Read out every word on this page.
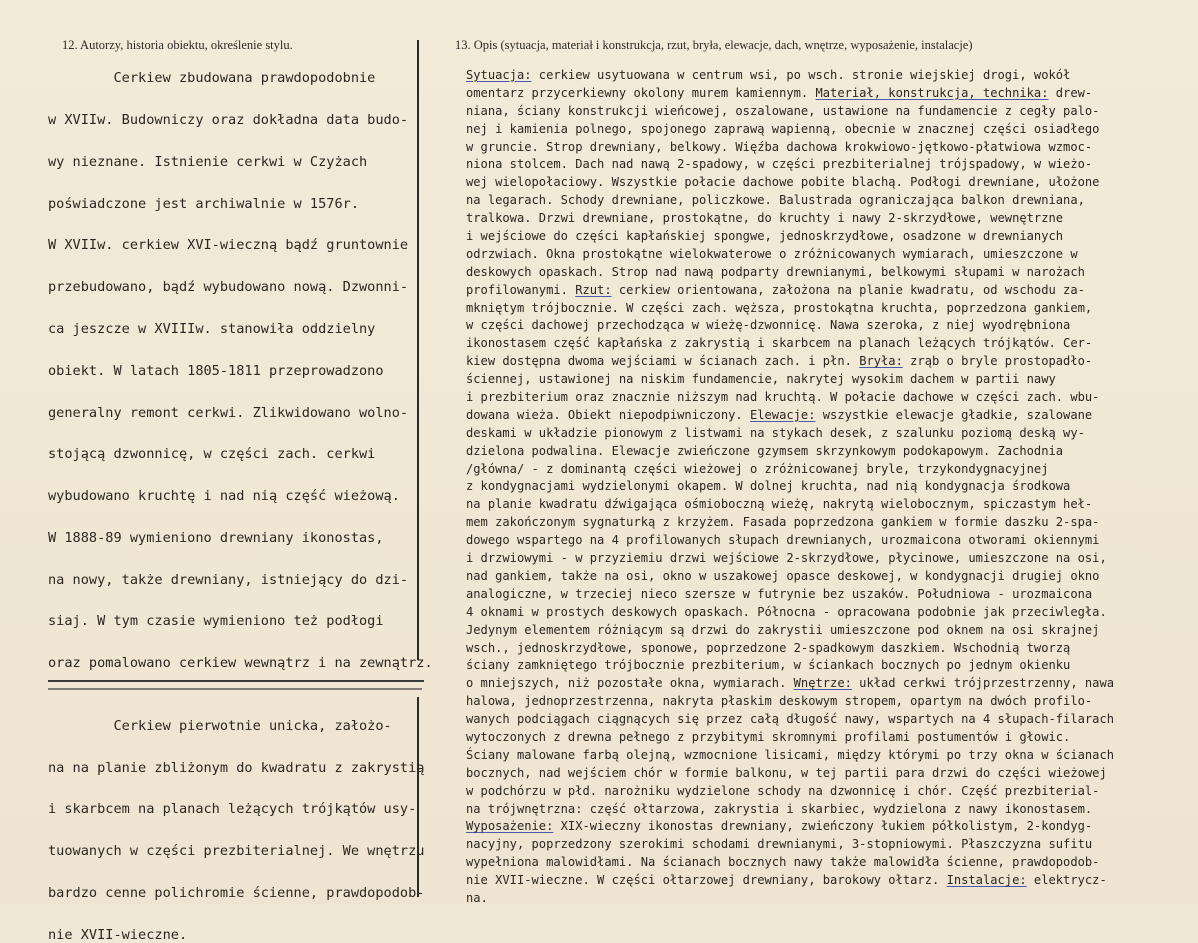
12. Autorzy, historia obiektu, określenie stylu.	13. Opis (sytuacja, materiał i konstrukcja, rzut, bryła, elewacje, dach, wnętrze, wyposażenie, instalacje)
Cerkiew zbudowana prawdopodobnie
w XVIIw. Budowniczy oraz dokładna data budo-
wy nieznane. Istnienie cerkwi w Czyżach
poświadczone jest archiwalnie w 1576r.
W XVIIw. cerkiew XVI-wieczną bądź gruntownie
przebudowano, bądź wybudowano nową. Dzwonni-
ca jeszcze w XVIIIw. stanowiła oddzielny
obiekt. W latach 1805-1811 przeprowadzono
generalny remont cerkwi. Zlikwidowano wolno-
stojącą dzwonnicę, w części zach. cerkwi
wybudowano kruchtę i nad nią część wieżową.
W 1888-89 wymieniono drewniany ikonostas,
na nowy, także drewniany, istniejący do dzi-
siaj. W tym czasie wymieniono też podłogi
oraz pomalowano cerkiew wewnątrz i na zewnątrz.
Cerkiew pierwotnie unicka, założo-
na na planie zbliżonym do kwadratu z zakrystią
i skarbcem na planach leżących trójkątów usy-
tuowanych w części prezbiterialnej. We wnętrzu
bardzo cenne polichromie ścienne, prawdopodob-
nie XVII-wieczne.
Sytuacja: cerkiew usytuowana w centrum wsi, po wsch. stronie wiejskiej drogi, wokół
omentarz przycerkiewny okolony murem kamiennym. Materiał, konstrukcja, technika: drew-
niana, ściany konstrukcji wieńcowej, oszalowane, ustawione na fundamencie z cegły palo-
nej i kamienia polnego, spojonego zaprawą wapienną, obecnie w znacznej części osiadłego
w gruncie. Strop drewniany, belkowy. Więźba dachowa krokwiowo-jętkowo-płatwiowa wzmoc-
niona stolcem. Dach nad nawą 2-spadowy, w części prezbiterialnej trójspadowy, w wieżo-
wej wielopołaciowy. Wszystkie połacie dachowe pobite blachą. Podłogi drewniane, ułożone
na legarach. Schody drewniane, policzkowe. Balustrada ograniczająca balkon drewniana,
tralkowa. Drzwi drewniane, prostokątne, do kruchty i nawy 2-skrzydłowe, wewnętrzne
i wejściowe do części kapłańskiej spongwe, jednoskrzydłowe, osadzone w drewnianych
odrzwiach. Okna prostokątne wielokwaterowe o zróżnicowanych wymiarach, umieszczone w
deskowych opaskach. Strop nad nawą podparty drewnianymi, belkowymi słupami w narożach
profilowanymi. Rzut: cerkiew orientowana, założona na planie kwadratu, od wschodu za-
mkniętym trójbocznie. W części zach. węższa, prostokątna kruchta, poprzedzona gankiem,
w części dachowej przechodząca w wieżę-dzwonnicę. Nawa szeroka, z niej wyodrębniona
ikonostasem część kapłańska z zakrystią i skarbcem na planach leżących trójkątów. Cer-
kiew dostępna dwoma wejściami w ścianach zach. i płn. Bryła: zrąb o bryle prostopadło-
ściennej, ustawionej na niskim fundamencie, nakrytej wysokim dachem w partii nawy
i prezbiterium oraz znacznie niższym nad kruchtą. W połacie dachowe w części zach. wbu-
dowana wieża. Obiekt niepodpiwniczony. Elewacje: wszystkie elewacje gładkie, szalowane
deskami w układzie pionowym z listwami na stykach desek, z szalunku poziomą deską wy-
dzielona podwalina. Elewacje zwieńczone gzymsem skrzynkowym podokapowym. Zachodnia
/główna/ - z dominantą części wieżowej o zróżnicowanej bryle, trzykondygnacyjnej
z kondygnacjami wydzielonymi okapem. W dolnej kruchta, nad nią kondygnacja środkowa
na planie kwadratu dźwigająca ośmioboczną wieżę, nakrytą wielobocznym, spiczastym heł-
mem zakończonym sygnaturką z krzyżem. Fasada poprzedzona gankiem w formie daszku 2-spa-
dowego wspartego na 4 profilowanych słupach drewnianych, urozmaicona otworami okiennymi
i drzwiowymi - w przyziemiu drzwi wejściowe 2-skrzydłowe, płycinowe, umieszczone na osi,
nad gankiem, także na osi, okno w uszakowej opasce deskowej, w kondygnacji drugiej okno
analogiczne, w trzeciej nieco szersze w futrynie bez uszaków. Południowa - urozmaicona
4 oknami w prostych deskowych opaskach. Północna - opracowana podobnie jak przeciwległa.
Jedynym elementem różniącym są drzwi do zakrystii umieszczone pod oknem na osi skrajnej
wsch., jednoskrzydłowe, sponowe, poprzedzone 2-spadkowym daszkiem. Wschodnią tworzą
ściany zamkniętego trójbocznie prezbiterium, w ściankach bocznych po jednym okienku
o mniejszych, niż pozostałe okna, wymiarach. Wnętrze: układ cerkwi trójprzestrzenny, nawa
halowa, jednoprzestrzenna, nakryta płaskim deskowym stropem, opartym na dwóch profilo-
wanych podciągach ciągnących się przez całą długość nawy, wspartych na 4 słupach-filarach
wytoczonych z drewna pełnego z przybitymi skromnymi profilami postumentów i głowic.
Ściany malowane farbą olejną, wzmocnione lisicami, między którymi po trzy okna w ścianach
bocznych, nad wejściem chór w formie balkonu, w tej partii para drzwi do części wieżowej
w podchórzu w płd. narożniku wydzielone schody na dzwonnicę i chór. Część prezbiterial-
na trójwnętrzna: część ołtarzowa, zakrystia i skarbiec, wydzielona z nawy ikonostasem.
Wyposażenie: XIX-wieczny ikonostas drewniany, zwieńczony łukiem półkolistym, 2-kondyg-
nacyjny, poprzedzony szerokimi schodami drewnianymi, 3-stopniowymi. Płaszczyzna sufitu
wypełniona malowidłami. Na ścianach bocznych nawy także malowidła ścienne, prawdopodob-
nie XVII-wieczne. W części ołtarzowej drewniany, barokowy ołtarz. Instalacje: elektrycz-
na.
